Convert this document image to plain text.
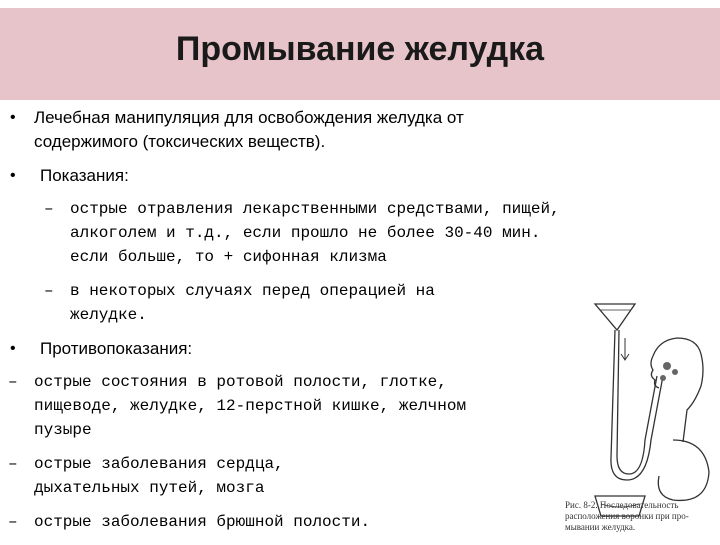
Промывание желудка
• Лечебная манипуляция для освобождения желудка от
содержимого (токсических веществ).
• Показания:
– острые отравления лекарственными средствами, пищей,
алкоголем и т.д., если прошло не более 30-40 мин.
если больше, то + сифонная клизма
– в некоторых случаях перед операцией на
желудке.
• Противопоказания:
– острые состояния в ротовой полости, глотке,
пищеводе, желудке, 12-перстной кишке, желчном
пузыре
– острые заболевания сердца,
дыхательных путей, мозга
– острые заболевания брюшной полости.
Рис. 8-2. Последовательность
расположения воронки при про-
мывании желудка.
